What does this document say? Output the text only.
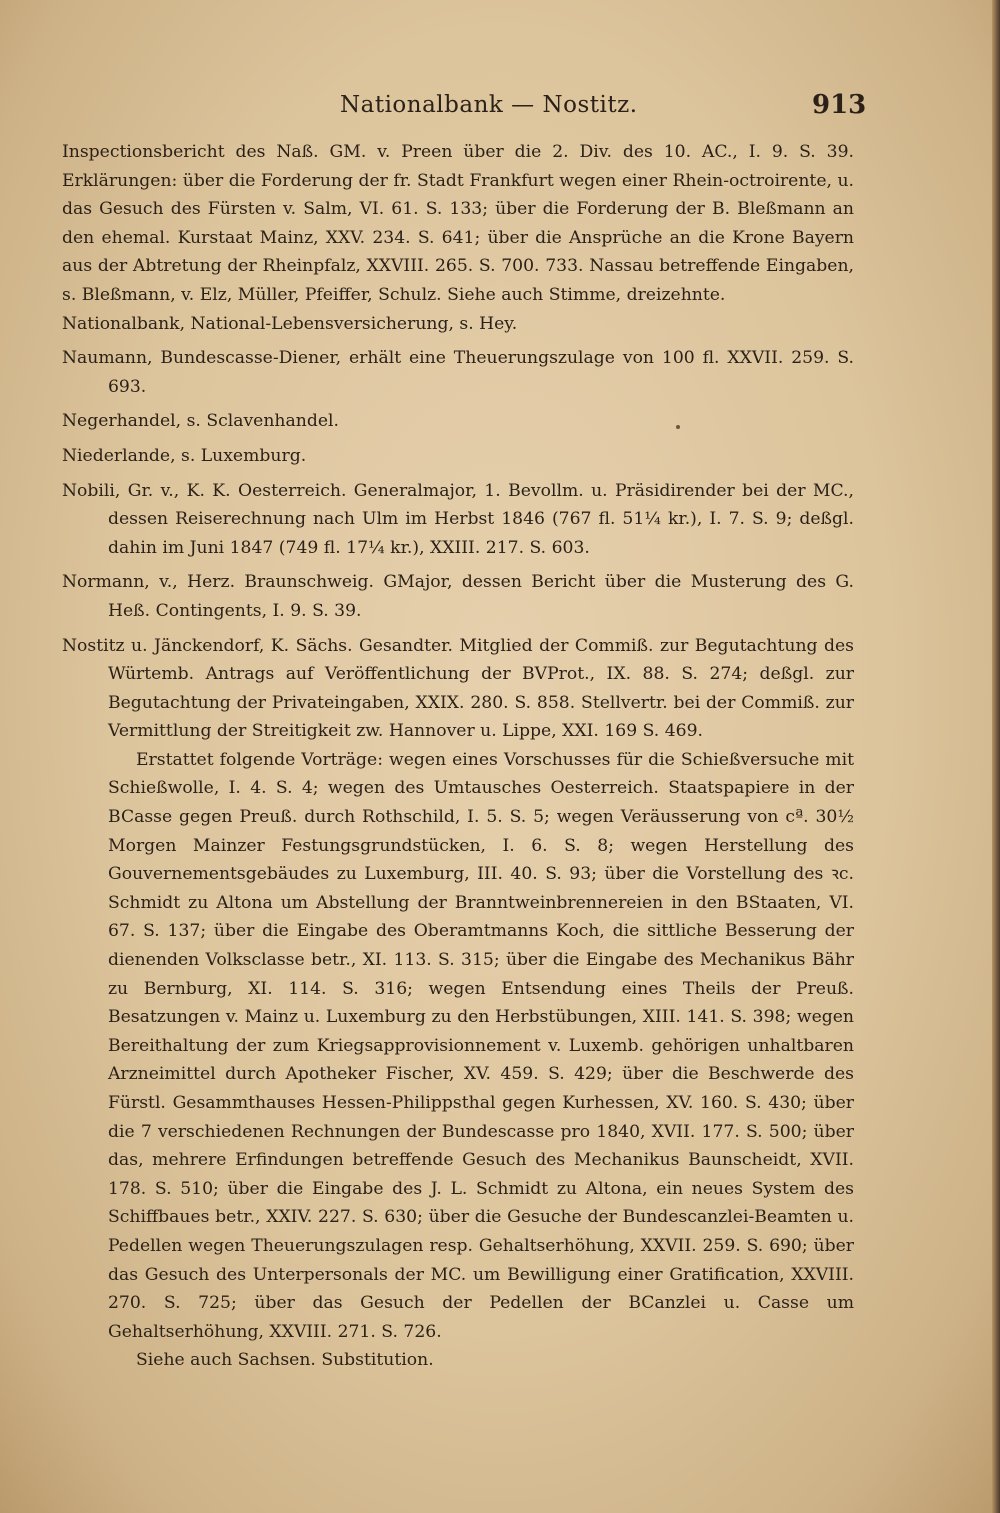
Nationalbank — Nostitz.	913

Inspectionsbericht des Naß. GM. v. Preen über die 2. Div. des 10. AC., I. 9. S. 39. Erklärungen: über die Forderung der fr. Stadt Frankfurt wegen einer Rhein-octroirente, u. das Gesuch des Fürsten v. Salm, VI. 61. S. 133; über die Forderung der B. Bleßmann an den ehemal. Kurstaat Mainz, XXV. 234. S. 641; über die Ansprüche an die Krone Bayern aus der Abtretung der Rheinpfalz, XXVIII. 265. S. 700. 733. Nassau betreffende Eingaben, s. Bleßmann, v. Elz, Müller, Pfeiffer, Schulz. Siehe auch Stimme, dreizehnte.

Nationalbank, National-Lebensversicherung, s. Hey.

Naumann, Bundescasse-Diener, erhält eine Theuerungszulage von 100 fl. XXVII. 259. S. 693.

Negerhandel, s. Sclavenhandel.

Niederlande, s. Luxemburg.

Nobili, Gr. v., K. K. Oesterreich. Generalmajor, 1. Bevollm. u. Präsidirender bei der MC., dessen Reiserechnung nach Ulm im Herbst 1846 (767 fl. 51¼ kr.), I. 7. S. 9; deßgl. dahin im Juni 1847 (749 fl. 17¼ kr.), XXIII. 217. S. 603.

Normann, v., Herz. Braunschweig. GMajor, dessen Bericht über die Musterung des G. Heß. Contingents, I. 9. S. 39.

Nostitz u. Jänckendorf, K. Sächs. Gesandter. Mitglied der Commiß. zur Begutachtung des Würtemb. Antrags auf Veröffentlichung der BVProt., IX. 88. S. 274; deßgl. zur Begutachtung der Privateingaben, XXIX. 280. S. 858. Stellvertr. bei der Commiß. zur Vermittlung der Streitigkeit zw. Hannover u. Lippe, XXI. 169 S. 469.

Erstattet folgende Vorträge: wegen eines Vorschusses für die Schießversuche mit Schießwolle, I. 4. S. 4; wegen des Umtausches Oesterreich. Staatspapiere in der BCasse gegen Preuß. durch Rothschild, I. 5. S. 5; wegen Veräusserung von cª. 30½ Morgen Mainzer Festungsgrundstücken, I. 6. S. 8; wegen Herstellung des Gouvernementsgebäudes zu Luxemburg, III. 40. S. 93; über die Vorstellung des ꝛc. Schmidt zu Altona um Abstellung der Branntweinbrennereien in den BStaaten, VI. 67. S. 137; über die Eingabe des Oberamtmanns Koch, die sittliche Besserung der dienenden Volksclasse betr., XI. 113. S. 315; über die Eingabe des Mechanikus Bähr zu Bernburg, XI. 114. S. 316; wegen Entsendung eines Theils der Preuß. Besatzungen v. Mainz u. Luxemburg zu den Herbstübungen, XIII. 141. S. 398; wegen Bereithaltung der zum Kriegsapprovisionnement v. Luxemb. gehörigen unhaltbaren Arzneimittel durch Apotheker Fischer, XV. 459. S. 429; über die Beschwerde des Fürstl. Gesammthauses Hessen-Philippsthal gegen Kurhessen, XV. 160. S. 430; über die 7 verschiedenen Rechnungen der Bundescasse pro 1840, XVII. 177. S. 500; über das, mehrere Erfindungen betreffende Gesuch des Mechanikus Baunscheidt, XVII. 178. S. 510; über die Eingabe des J. L. Schmidt zu Altona, ein neues System des Schiffbaues betr., XXIV. 227. S. 630; über die Gesuche der Bundescanzlei-Beamten u. Pedellen wegen Theuerungszulagen resp. Gehaltserhöhung, XXVII. 259. S. 690; über das Gesuch des Unterpersonals der MC. um Bewilligung einer Gratification, XXVIII. 270. S. 725; über das Gesuch der Pedellen der BCanzlei u. Casse um Gehaltserhöhung, XXVIII. 271. S. 726.

Siehe auch Sachsen. Substitution.
